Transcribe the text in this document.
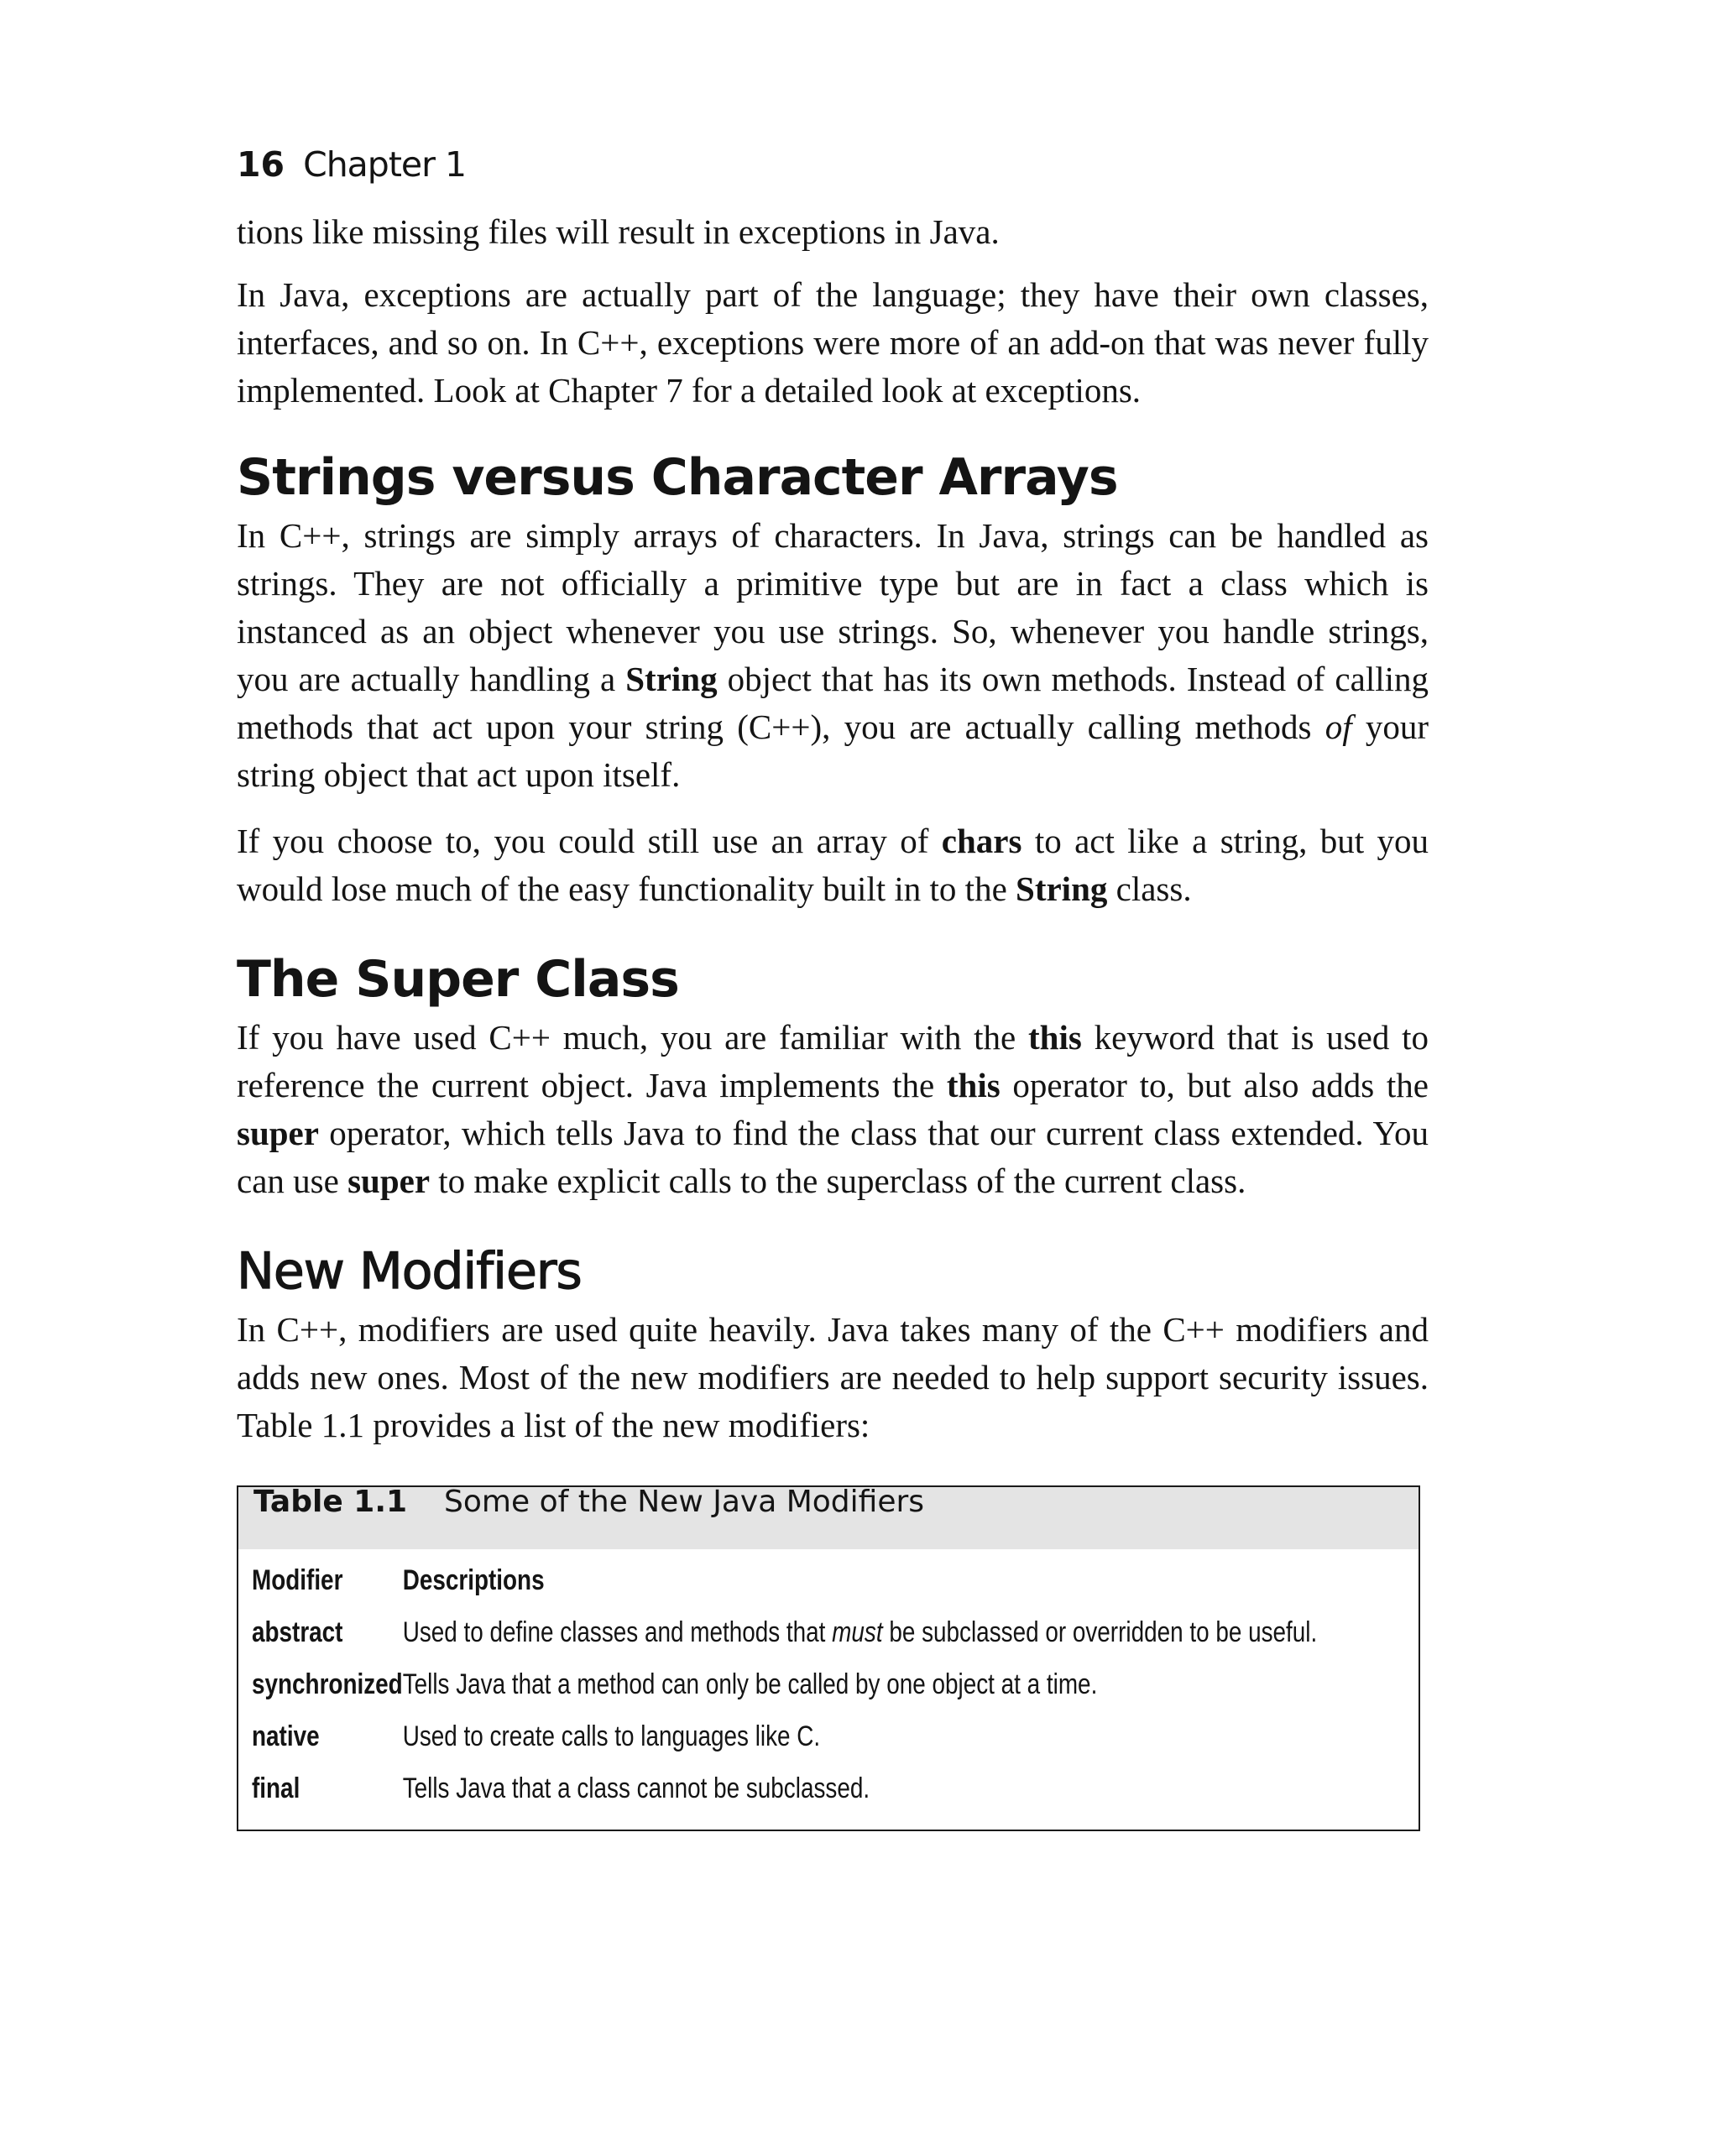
16 Chapter 1

tions like missing files will result in exceptions in Java.

In Java, exceptions are actually part of the language; they have their own classes, interfaces, and so on. In C++, exceptions were more of an add-on that was never fully implemented. Look at Chapter 7 for a detailed look at exceptions.

Strings versus Character Arrays

In C++, strings are simply arrays of characters. In Java, strings can be handled as strings. They are not officially a primitive type but are in fact a class which is instanced as an object whenever you use strings. So, whenever you handle strings, you are actually handling a String object that has its own methods. Instead of calling methods that act upon your string (C++), you are actually calling methods of your string object that act upon itself.

If you choose to, you could still use an array of chars to act like a string, but you would lose much of the easy functionality built in to the String class.

The Super Class

If you have used C++ much, you are familiar with the this keyword that is used to reference the current object. Java implements the this operator to, but also adds the super operator, which tells Java to find the class that our current class extended. You can use super to make explicit calls to the superclass of the current class.

New Modifiers

In C++, modifiers are used quite heavily. Java takes many of the C++ modifiers and adds new ones. Most of the new modifiers are needed to help support security issues. Table 1.1 provides a list of the new modifiers:

Table 1.1 Some of the New Java Modifiers
Modifier	Descriptions
abstract	Used to define classes and methods that must be subclassed or overridden to be useful.
synchronized	Tells Java that a method can only be called by one object at a time.
native	Used to create calls to languages like C.
final	Tells Java that a class cannot be subclassed.
